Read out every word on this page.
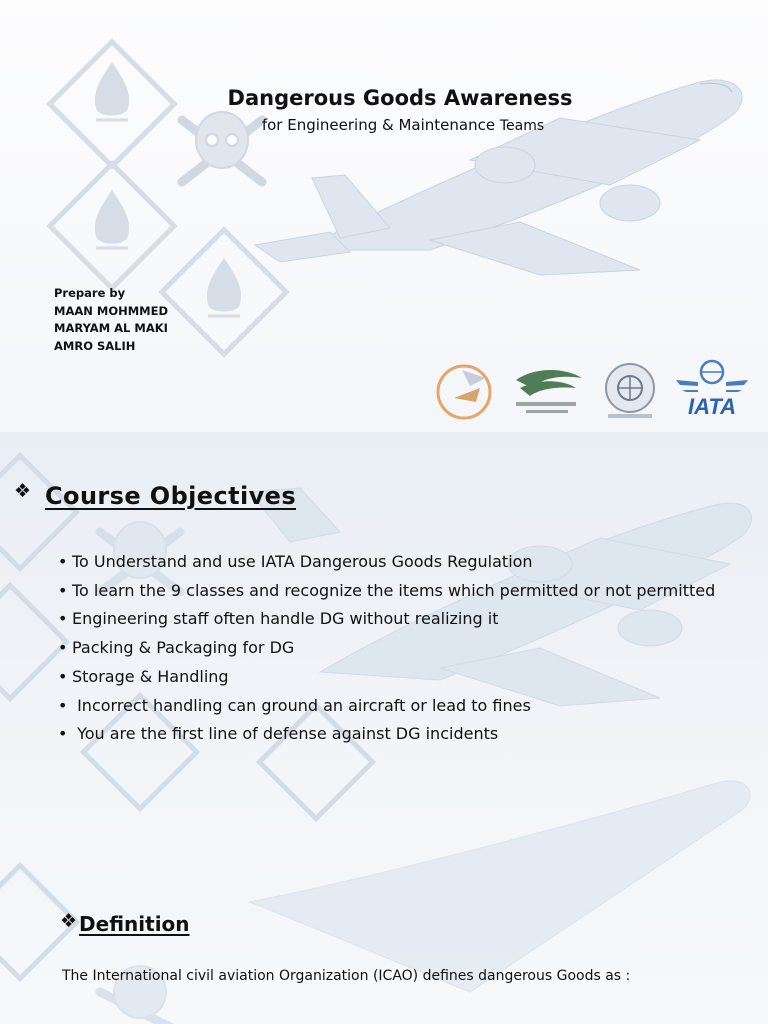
Dangerous Goods Awareness
for Engineering & Maintenance Teams
Prepare by
MAAN MOHMMED
MARYAM AL MAKI
AMRO SALIH
IATA
❖ Course Objectives
• To Understand and use IATA Dangerous Goods Regulation
• To learn the 9 classes and recognize the items which permitted or not permitted
• Engineering staff often handle DG without realizing it
• Packing & Packaging for DG
• Storage & Handling
• Incorrect handling can ground an aircraft or lead to fines
• You are the first line of defense against DG incidents
❖ Definition
The International civil aviation Organization (ICAO) defines dangerous Goods as :
